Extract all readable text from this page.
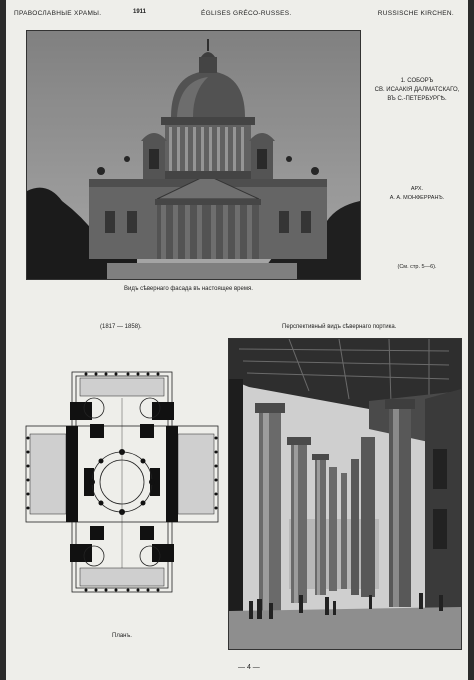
ПРАВОСЛАВНЫЕ ХРАМЫ.	1911	ÉGLISES GRÉCO-RUSSES.	RUSSISCHE KIRCHEN.
Видъ сѣвернаго фасада въ настоящее время.
1. СОБОРЪ
СВ. ИСААКІЯ ДАЛМАТСКАГО,
ВЪ С.-ПЕТЕРБУРГѢ.
АРХ.
А. А. МОНФЕРРАНЪ.
(См. стр. 5—6).
(1817 — 1858).	Перспективный видъ сѣвернаго портика.
Планъ.
— 4 —
